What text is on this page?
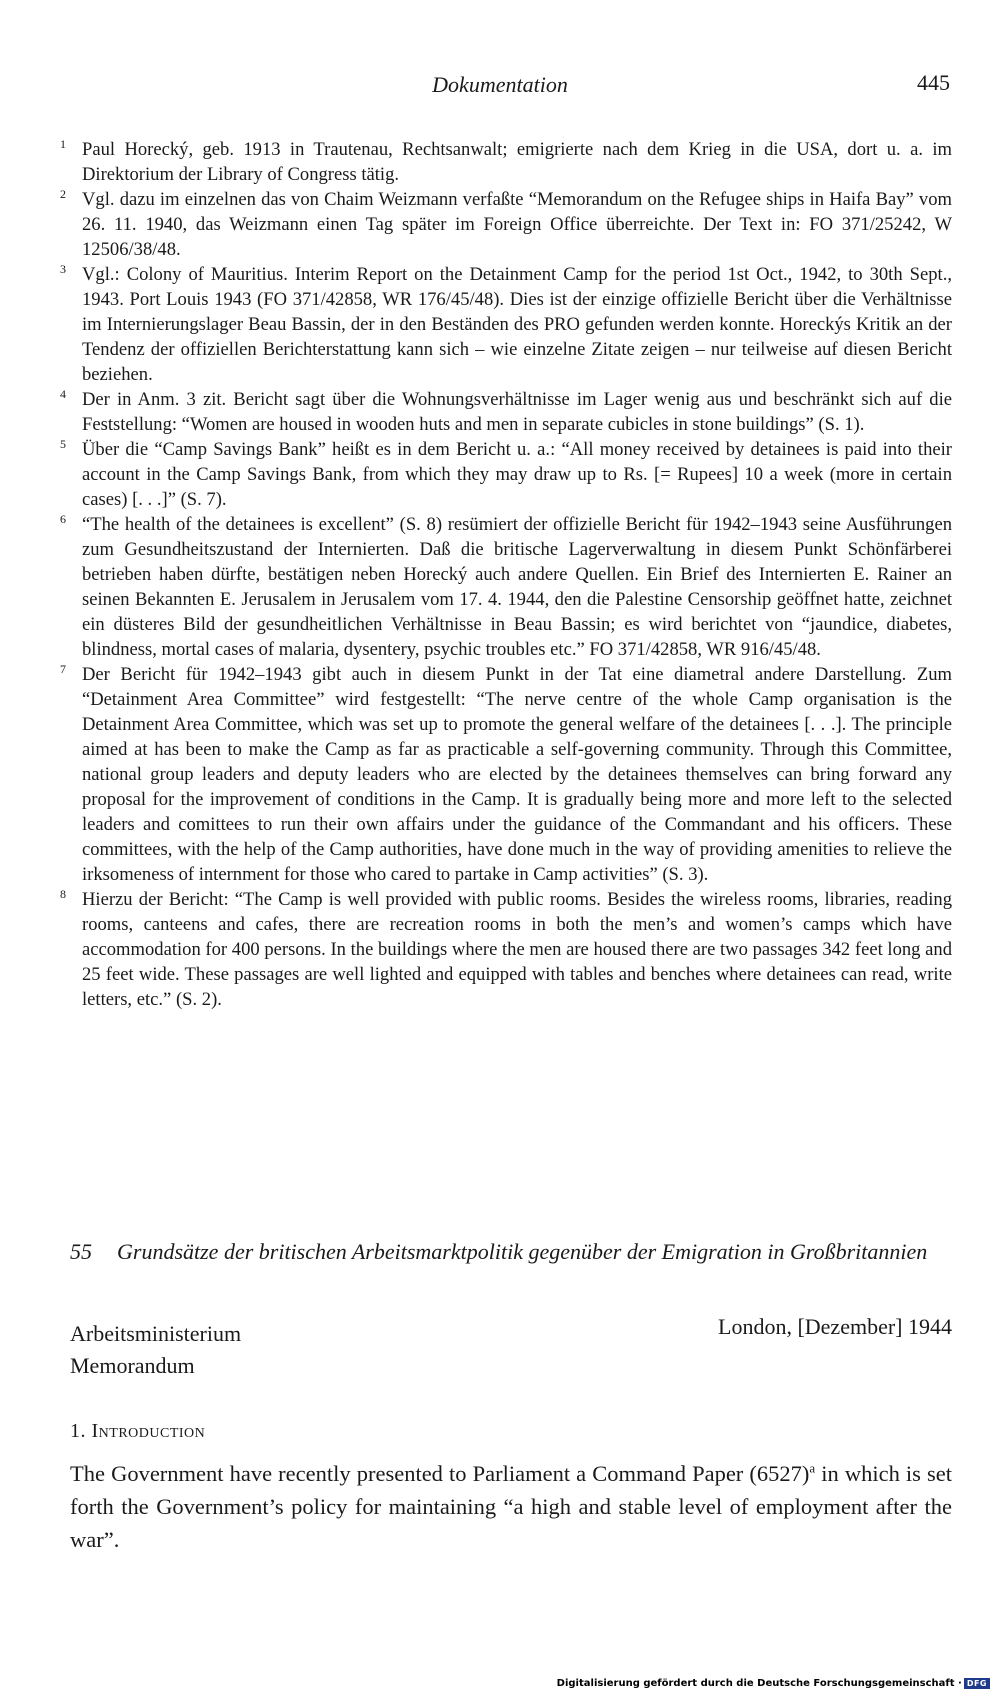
Dokumentation	445

1 Paul Horecký, geb. 1913 in Trautenau, Rechtsanwalt; emigrierte nach dem Krieg in die USA, dort u. a. im Direktorium der Library of Congress tätig.

2 Vgl. dazu im einzelnen das von Chaim Weizmann verfaßte “Memorandum on the Refugee ships in Haifa Bay” vom 26. 11. 1940, das Weizmann einen Tag später im Foreign Office überreichte. Der Text in: FO 371/25242, W 12506/38/48.

3 Vgl.: Colony of Mauritius. Interim Report on the Detainment Camp for the period 1st Oct., 1942, to 30th Sept., 1943. Port Louis 1943 (FO 371/42858, WR 176/45/48). Dies ist der einzige offizielle Bericht über die Verhältnisse im Internierungslager Beau Bassin, der in den Beständen des PRO gefunden werden konnte. Horeckýs Kritik an der Tendenz der offiziellen Berichterstattung kann sich – wie einzelne Zitate zeigen – nur teilweise auf diesen Bericht beziehen.

4 Der in Anm. 3 zit. Bericht sagt über die Wohnungsverhältnisse im Lager wenig aus und beschränkt sich auf die Feststellung: “Women are housed in wooden huts and men in separate cubicles in stone buildings” (S. 1).

5 Über die “Camp Savings Bank” heißt es in dem Bericht u. a.: “All money received by detainees is paid into their account in the Camp Savings Bank, from which they may draw up to Rs. [= Rupees] 10 a week (more in certain cases) [. . .]” (S. 7).

6 “The health of the detainees is excellent” (S. 8) resümiert der offizielle Bericht für 1942–1943 seine Ausführungen zum Gesundheitszustand der Internierten. Daß die britische Lagerverwaltung in diesem Punkt Schönfärberei betrieben haben dürfte, bestätigen neben Horecký auch andere Quellen. Ein Brief des Internierten E. Rainer an seinen Bekannten E. Jerusalem in Jerusalem vom 17. 4. 1944, den die Palestine Censorship geöffnet hatte, zeichnet ein düsteres Bild der gesundheitlichen Verhältnisse in Beau Bassin; es wird berichtet von “jaundice, diabetes, blindness, mortal cases of malaria, dysentery, psychic troubles etc.” FO 371/42858, WR 916/45/48.

7 Der Bericht für 1942–1943 gibt auch in diesem Punkt in der Tat eine diametral andere Darstellung. Zum “Detainment Area Committee” wird festgestellt: “The nerve centre of the whole Camp organisation is the Detainment Area Committee, which was set up to promote the general welfare of the detainees [. . .]. The principle aimed at has been to make the Camp as far as practicable a self-governing community. Through this Committee, national group leaders and deputy leaders who are elected by the detainees themselves can bring forward any proposal for the improvement of conditions in the Camp. It is gradually being more and more left to the selected leaders and comittees to run their own affairs under the guidance of the Commandant and his officers. These committees, with the help of the Camp authorities, have done much in the way of providing amenities to relieve the irksomeness of internment for those who cared to partake in Camp activities” (S. 3).

8 Hierzu der Bericht: “The Camp is well provided with public rooms. Besides the wireless rooms, libraries, reading rooms, canteens and cafes, there are recreation rooms in both the men’s and women’s camps which have accommodation for 400 persons. In the buildings where the men are housed there are two passages 342 feet long and 25 feet wide. These passages are well lighted and equipped with tables and benches where detainees can read, write letters, etc.” (S. 2).

55	Grundsätze der britischen Arbeitsmarktpolitik gegenüber der Emigration in Großbritannien
Arbeitsministerium
Memorandum
London, [Dezember] 1944
1. Introduction

The Government have recently presented to Parliament a Command Paper $(6527)^a$ in which is set forth the Government’s policy for maintaining “a high and stable level of employment after the war”.

Digitalisierung gefördert durch die Deutsche Forschungsgemeinschaft · DFG
